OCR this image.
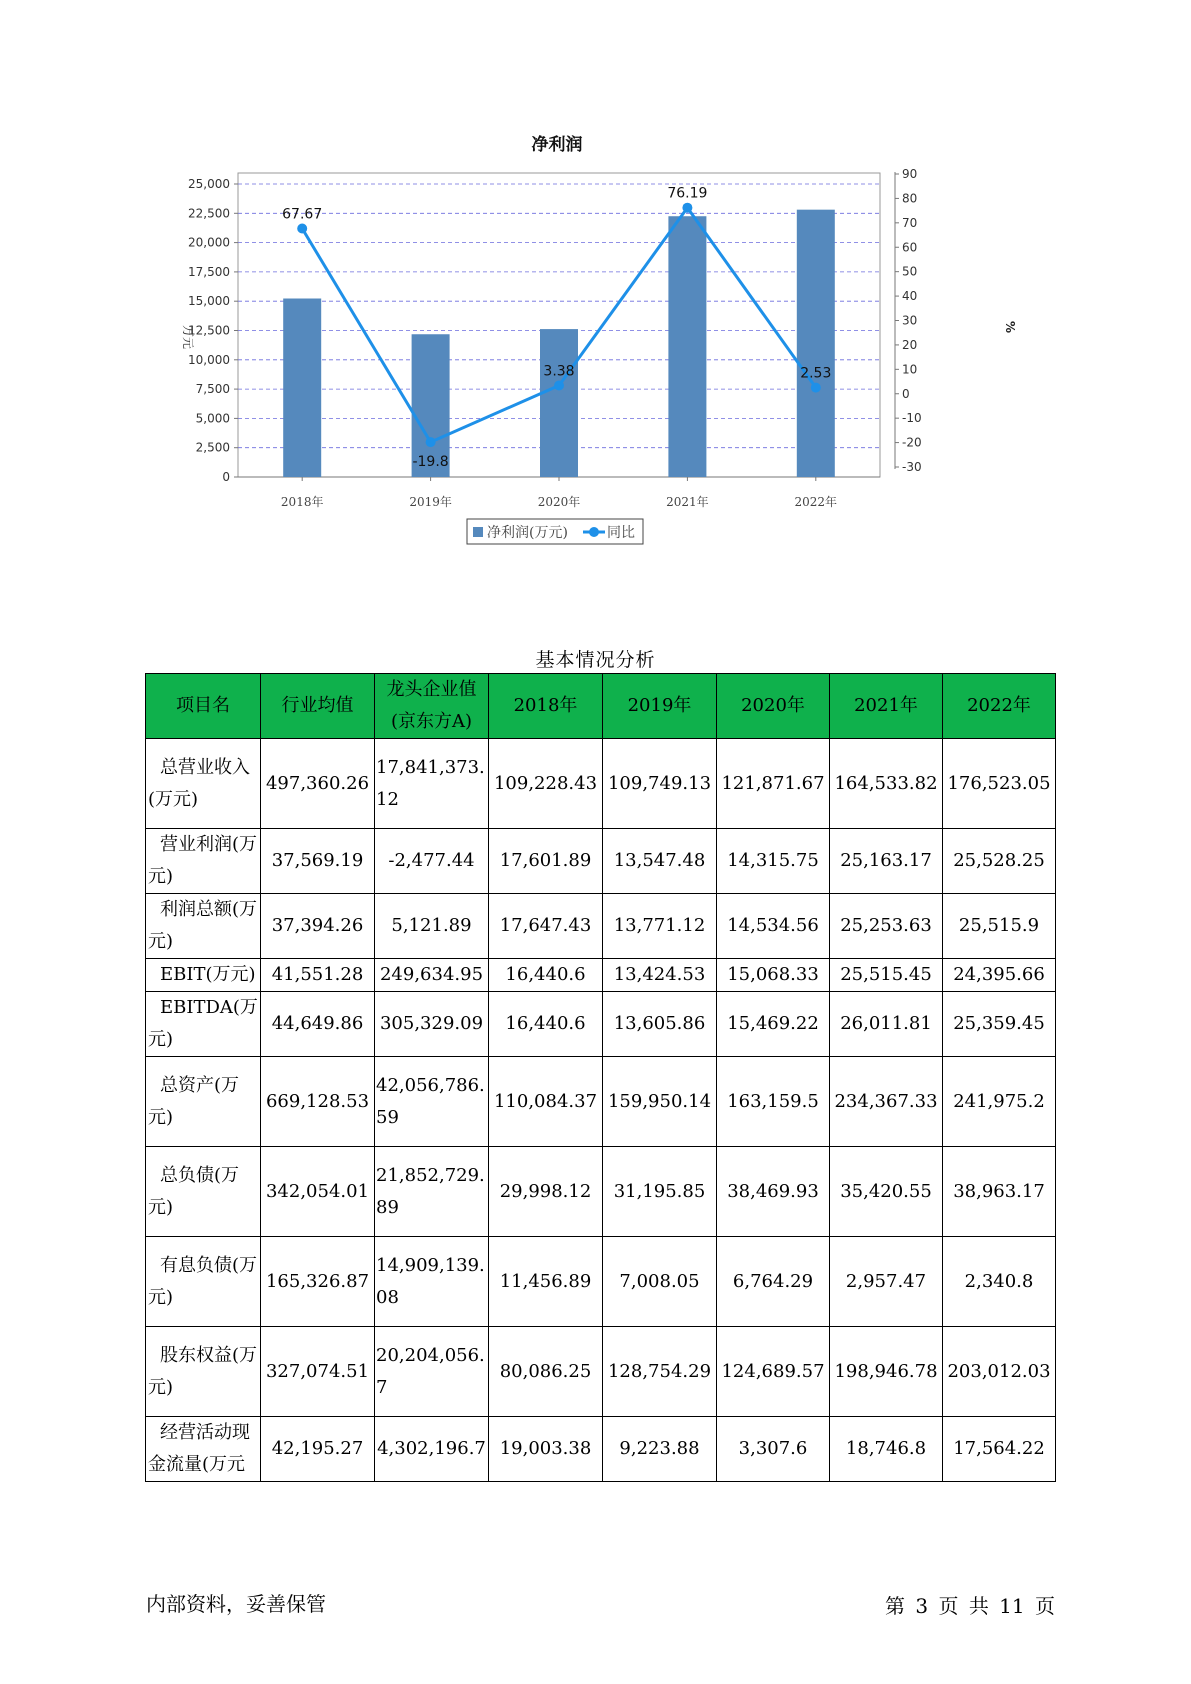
0
2,500
5,000
7,500
10,000
12,500
15,000
17,500
20,000
22,500
25,000
-30
-20
-10
0
10
20
30
40
50
60
70
80
90
净利润
万元	%
2018年	2019年	2020年	2021年	2022年
67.67
-19.8
3.38
76.19
2.53
净利润(万元)	同比
基本情况分析
项目名	行业均值	龙头企业值(京东方A)	2018年	2019年	2020年	2021年	2022年
总营业收入(万元)	497,360.26	17,841,373.12	109,228.43	109,749.13	121,871.67	164,533.82	176,523.05
营业利润(万元)	37,569.19	-2,477.44	17,601.89	13,547.48	14,315.75	25,163.17	25,528.25
利润总额(万元)	37,394.26	5,121.89	17,647.43	13,771.12	14,534.56	25,253.63	25,515.9
EBIT(万元)	41,551.28	249,634.95	16,440.6	13,424.53	15,068.33	25,515.45	24,395.66
EBITDA(万元)	44,649.86	305,329.09	16,440.6	13,605.86	15,469.22	26,011.81	25,359.45
总资产(万元)	669,128.53	42,056,786.59	110,084.37	159,950.14	163,159.5	234,367.33	241,975.2
总负债(万元)	342,054.01	21,852,729.89	29,998.12	31,195.85	38,469.93	35,420.55	38,963.17
有息负债(万元)	165,326.87	14,909,139.08	11,456.89	7,008.05	6,764.29	2,957.47	2,340.8
股东权益(万元)	327,074.51	20,204,056.7	80,086.25	128,754.29	124,689.57	198,946.78	203,012.03
经营活动现金流量(万元	42,195.27	4,302,196.7	19,003.38	9,223.88	3,307.6	18,746.8	17,564.22
内部资料，妥善保管	第 3 页 共 11 页
